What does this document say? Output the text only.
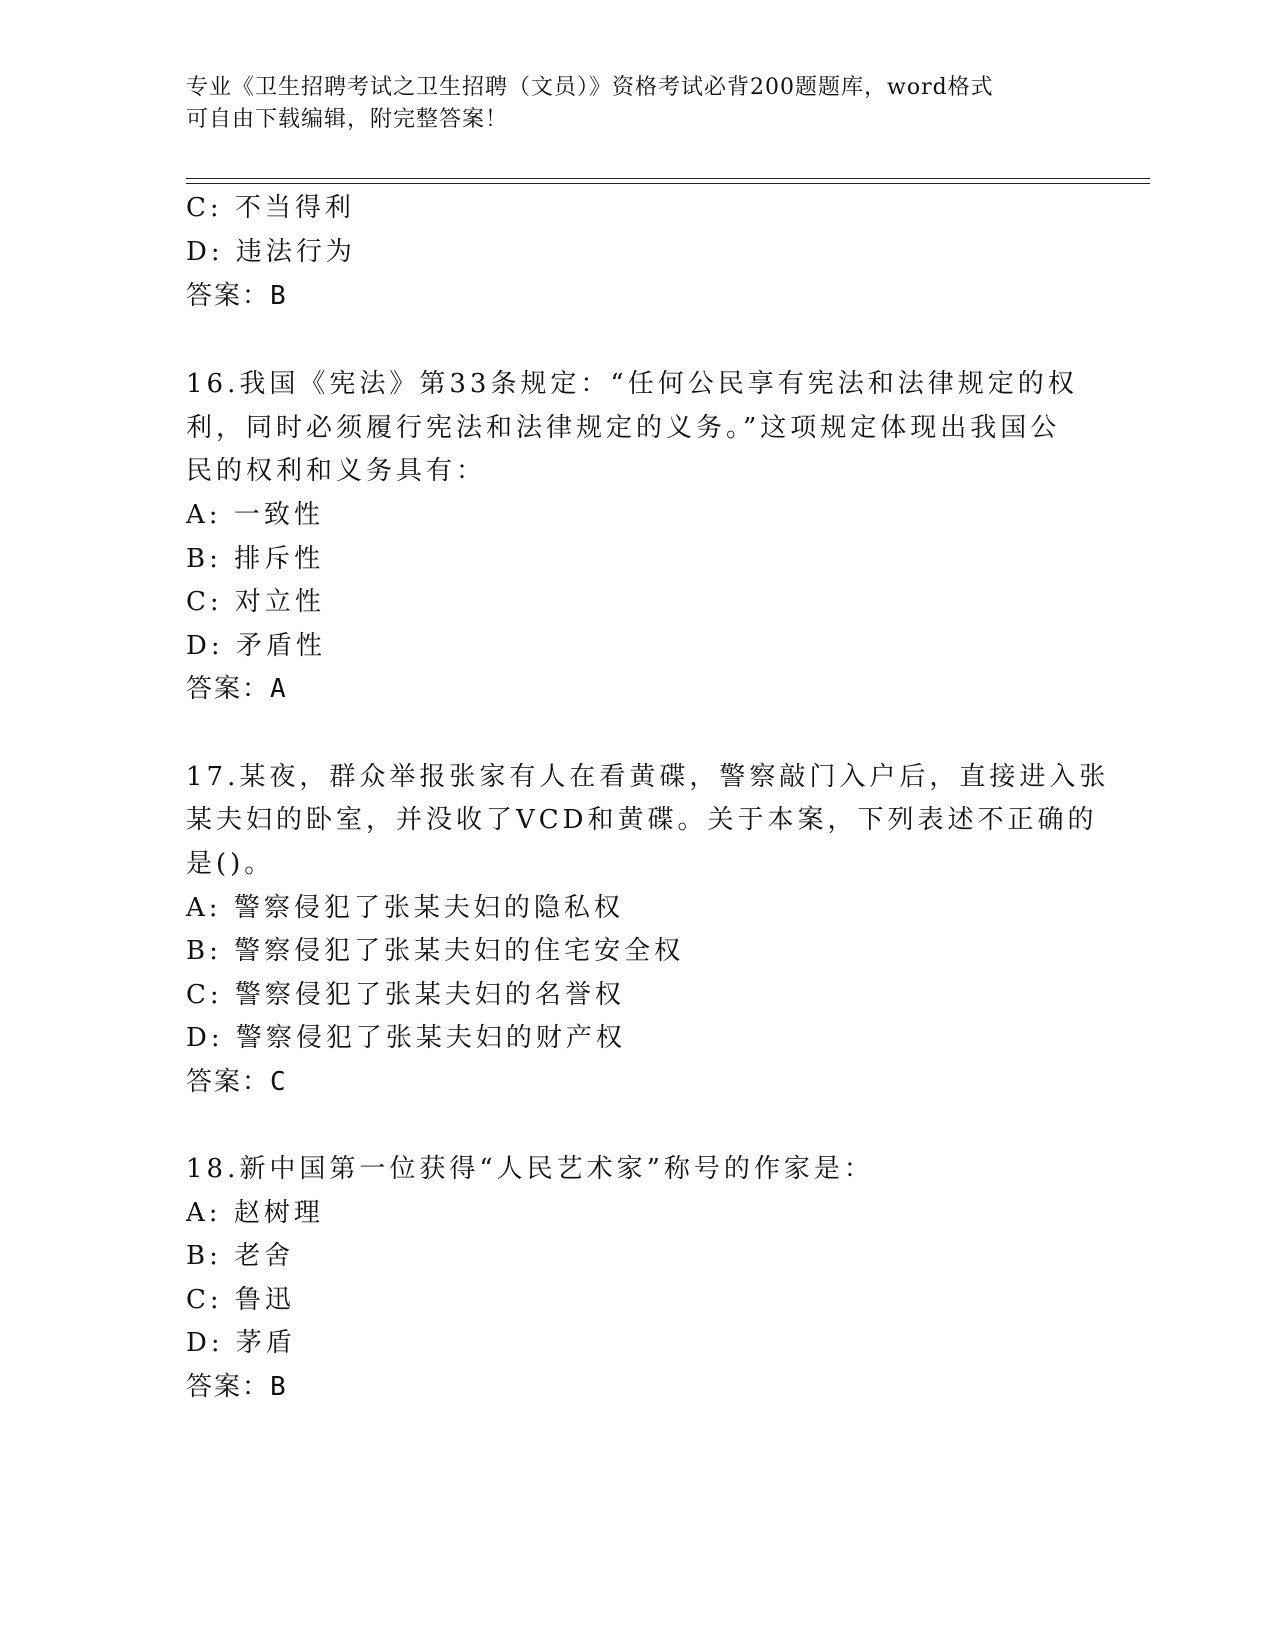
专业《卫生招聘考试之卫生招聘（文员）》资格考试必背200题题库，word格式
可自由下载编辑，附完整答案！
C: 不当得利
D: 违法行为
答案：B
16.我国《宪法》第33条规定：“任何公民享有宪法和法律规定的权
利，同时必须履行宪法和法律规定的义务。”这项规定体现出我国公
民的权利和义务具有：
A: 一致性
B: 排斥性
C: 对立性
D: 矛盾性
答案：A
17.某夜，群众举报张家有人在看黄碟，警察敲门入户后，直接进入张
某夫妇的卧室，并没收了VCD和黄碟。关于本案，下列表述不正确的
是()。
A: 警察侵犯了张某夫妇的隐私权
B: 警察侵犯了张某夫妇的住宅安全权
C: 警察侵犯了张某夫妇的名誉权
D: 警察侵犯了张某夫妇的财产权
答案：C
18.新中国第一位获得“人民艺术家”称号的作家是：
A: 赵树理
B: 老舍
C: 鲁迅
D: 茅盾
答案：B
